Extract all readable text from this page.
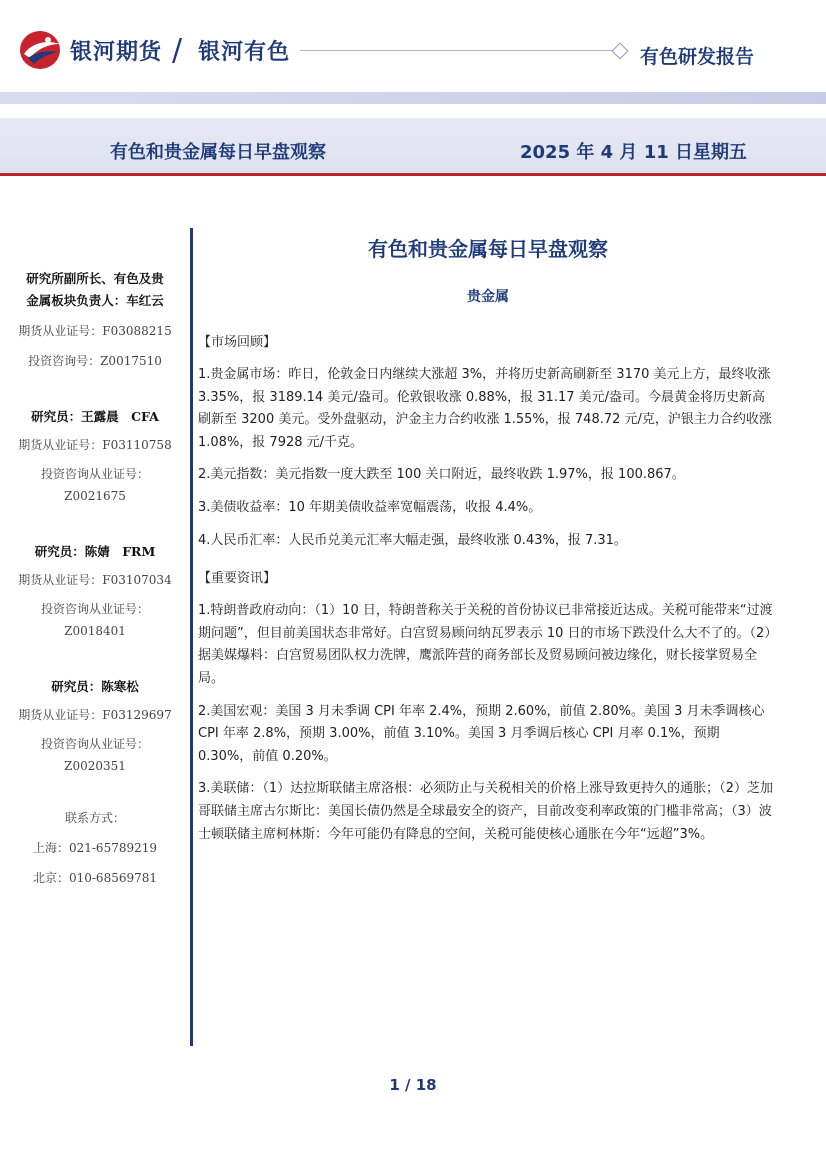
银河期货 / 银河有色	有色研发报告
有色和贵金属每日早盘观察	2025 年 4 月 11 日星期五
研究所副所长、有色及贵
金属板块负责人：车红云
期货从业证号：F03088215
投资咨询号：Z0017510
研究员：王露晨　CFA
期货从业证号：F03110758
投资咨询从业证号：
Z0021675
研究员：陈婧　FRM
期货从业证号：F03107034
投资咨询从业证号：
Z0018401
研究员：陈寒松
期货从业证号：F03129697
投资咨询从业证号：
Z0020351
联系方式：
上海：021-65789219
北京：010-68569781
有色和贵金属每日早盘观察
贵金属
【市场回顾】
1.贵金属市场：昨日，伦敦金日内继续大涨超 3%，并将历史新高刷新至 3170 美元上方，最终收涨 3.35%，报 3189.14 美元/盎司。伦敦银收涨 0.88%，报 31.17 美元/盎司。今晨黄金将历史新高刷新至 3200 美元。受外盘驱动，沪金主力合约收涨 1.55%，报 748.72 元/克，沪银主力合约收涨 1.08%，报 7928 元/千克。
2.美元指数：美元指数一度大跌至 100 关口附近，最终收跌 1.97%，报 100.867。
3.美债收益率：10 年期美债收益率宽幅震荡，收报 4.4%。
4.人民币汇率：人民币兑美元汇率大幅走强，最终收涨 0.43%，报 7.31。
【重要资讯】
1.特朗普政府动向：（1）10 日，特朗普称关于关税的首份协议已非常接近达成。关税可能带来“过渡期问题”，但目前美国状态非常好。白宫贸易顾问纳瓦罗表示 10 日的市场下跌没什么大不了的。（2）据美媒爆料：白宫贸易团队权力洗牌，鹰派阵营的商务部长及贸易顾问被边缘化，财长接掌贸易全局。
2.美国宏观：美国 3 月未季调 CPI 年率 2.4%，预期 2.60%，前值 2.80%。美国 3 月未季调核心 CPI 年率 2.8%，预期 3.00%，前值 3.10%。美国 3 月季调后核心 CPI 月率 0.1%，预期 0.30%，前值 0.20%。
3.美联储：（1）达拉斯联储主席洛根：必须防止与关税相关的价格上涨导致更持久的通胀；（2）芝加哥联储主席古尔斯比：美国长债仍然是全球最安全的资产，目前改变利率政策的门槛非常高；（3）波士顿联储主席柯林斯：今年可能仍有降息的空间，关税可能使核心通胀在今年“远超”3%。
1 / 18
